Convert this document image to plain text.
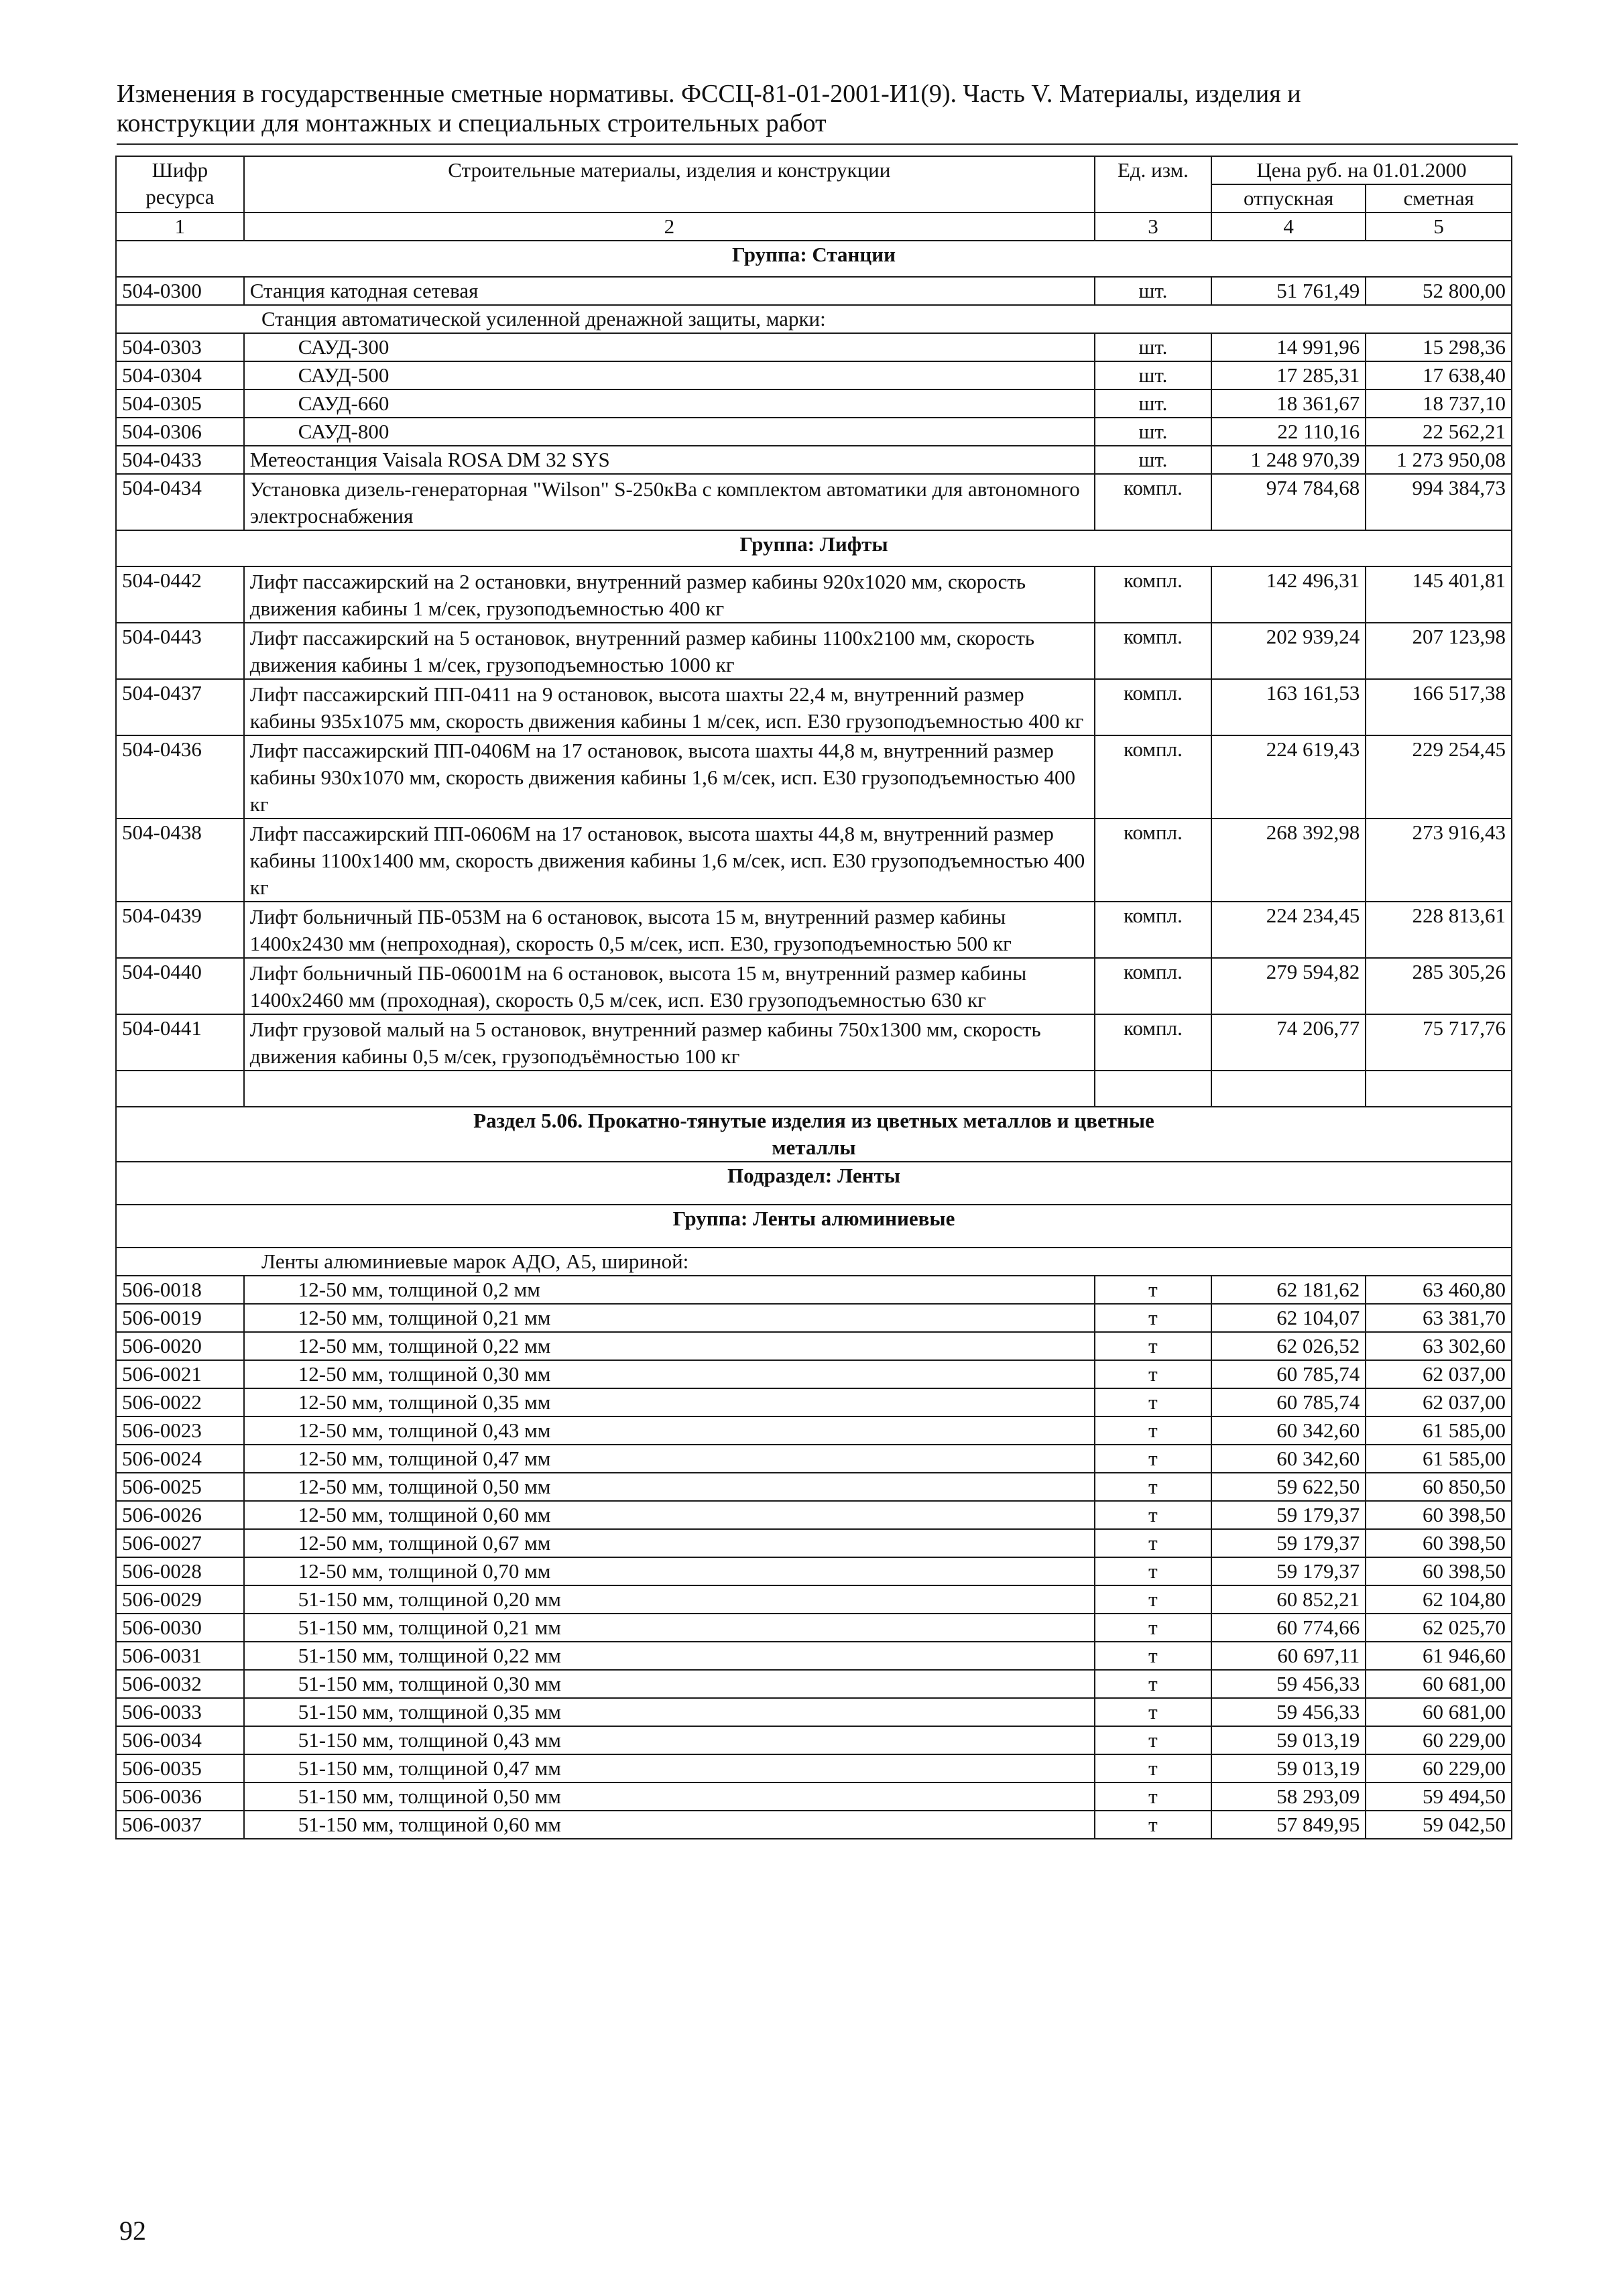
Изменения в государственные сметные нормативы. ФССЦ-81-01-2001-И1(9). Часть V. Материалы, изделия и
конструкции для монтажных и специальных строительных работ
Шифр ресурса	Строительные материалы, изделия и конструкции	Ед. изм.	Цена руб. на 01.01.2000	
			отпускная	сметная
1	2	3	4	5
Группа: Станции				
504-0300	Станция катодная сетевая	шт.	51 761,49	52 800,00
Станция автоматической усиленной дренажной защиты, марки:				
504-0303	САУД-300	шт.	14 991,96	15 298,36
504-0304	САУД-500	шт.	17 285,31	17 638,40
504-0305	САУД-660	шт.	18 361,67	18 737,10
504-0306	САУД-800	шт.	22 110,16	22 562,21
504-0433	Метеостанция Vaisala ROSA DM 32 SYS	шт.	1 248 970,39	1 273 950,08
504-0434	Установка дизель-генераторная "Wilson" S-250кВа с комплектом автоматики для автономного электроснабжения	компл.	974 784,68	994 384,73
Группа: Лифты				
504-0442	Лифт пассажирский на 2 остановки, внутренний размер кабины 920x1020 мм, скорость движения кабины 1 м/сек, грузоподъемностью 400 кг	компл.	142 496,31	145 401,81
504-0443	Лифт пассажирский на 5 остановок, внутренний размер кабины 1100x2100 мм, скорость движения кабины 1 м/сек, грузоподъемностью 1000 кг	компл.	202 939,24	207 123,98
504-0437	Лифт пассажирский ПП-0411 на 9 остановок, высота шахты 22,4 м, внутренний размер кабины 935x1075 мм, скорость движения кабины 1 м/сек, исп. Е30 грузоподъемностью 400 кг	компл.	163 161,53	166 517,38
504-0436	Лифт пассажирский ПП-0406М на 17 остановок, высота шахты 44,8 м, внутренний размер кабины 930x1070 мм, скорость движения кабины 1,6 м/сек, исп. Е30 грузоподъемностью 400 кг	компл.	224 619,43	229 254,45
504-0438	Лифт пассажирский ПП-0606М на 17 остановок, высота шахты 44,8 м, внутренний размер кабины 1100x1400 мм, скорость движения кабины 1,6 м/сек, исп. Е30 грузоподъемностью 400 кг	компл.	268 392,98	273 916,43
504-0439	Лифт больничный ПБ-053М на 6 остановок, высота 15 м, внутренний размер кабины 1400x2430 мм (непроходная), скорость 0,5 м/сек, исп. Е30, грузоподъемностью 500 кг	компл.	224 234,45	228 813,61
504-0440	Лифт больничный ПБ-06001М на 6 остановок, высота 15 м, внутренний размер кабины 1400x2460 мм (проходная), скорость 0,5 м/сек, исп. Е30 грузоподъемностью 630 кг	компл.	279 594,82	285 305,26
504-0441	Лифт грузовой малый на 5 остановок, внутренний размер кабины 750x1300 мм, скорость движения кабины 0,5 м/сек, грузоподъёмностью 100 кг	компл.	74 206,77	75 717,76

Раздел 5.06. Прокатно-тянутые изделия из цветных металлов и цветные
металлы				

Подраздел: Ленты				
Группа: Ленты алюминиевые				
Ленты алюминиевые марок АДО, А5, шириной:				
506-0018	12-50 мм, толщиной 0,2 мм	т	62 181,62	63 460,80
506-0019	12-50 мм, толщиной 0,21 мм	т	62 104,07	63 381,70
506-0020	12-50 мм, толщиной 0,22 мм	т	62 026,52	63 302,60
506-0021	12-50 мм, толщиной 0,30 мм	т	60 785,74	62 037,00
506-0022	12-50 мм, толщиной 0,35 мм	т	60 785,74	62 037,00
506-0023	12-50 мм, толщиной 0,43 мм	т	60 342,60	61 585,00
506-0024	12-50 мм, толщиной 0,47 мм	т	60 342,60	61 585,00
506-0025	12-50 мм, толщиной 0,50 мм	т	59 622,50	60 850,50
506-0026	12-50 мм, толщиной 0,60 мм	т	59 179,37	60 398,50
506-0027	12-50 мм, толщиной 0,67 мм	т	59 179,37	60 398,50
506-0028	12-50 мм, толщиной 0,70 мм	т	59 179,37	60 398,50
506-0029	51-150 мм, толщиной 0,20 мм	т	60 852,21	62 104,80
506-0030	51-150 мм, толщиной 0,21 мм	т	60 774,66	62 025,70
506-0031	51-150 мм, толщиной 0,22 мм	т	60 697,11	61 946,60
506-0032	51-150 мм, толщиной 0,30 мм	т	59 456,33	60 681,00
506-0033	51-150 мм, толщиной 0,35 мм	т	59 456,33	60 681,00
506-0034	51-150 мм, толщиной 0,43 мм	т	59 013,19	60 229,00
506-0035	51-150 мм, толщиной 0,47 мм	т	59 013,19	60 229,00
506-0036	51-150 мм, толщиной 0,50 мм	т	58 293,09	59 494,50
506-0037	51-150 мм, толщиной 0,60 мм	т	57 849,95	59 042,50
92
